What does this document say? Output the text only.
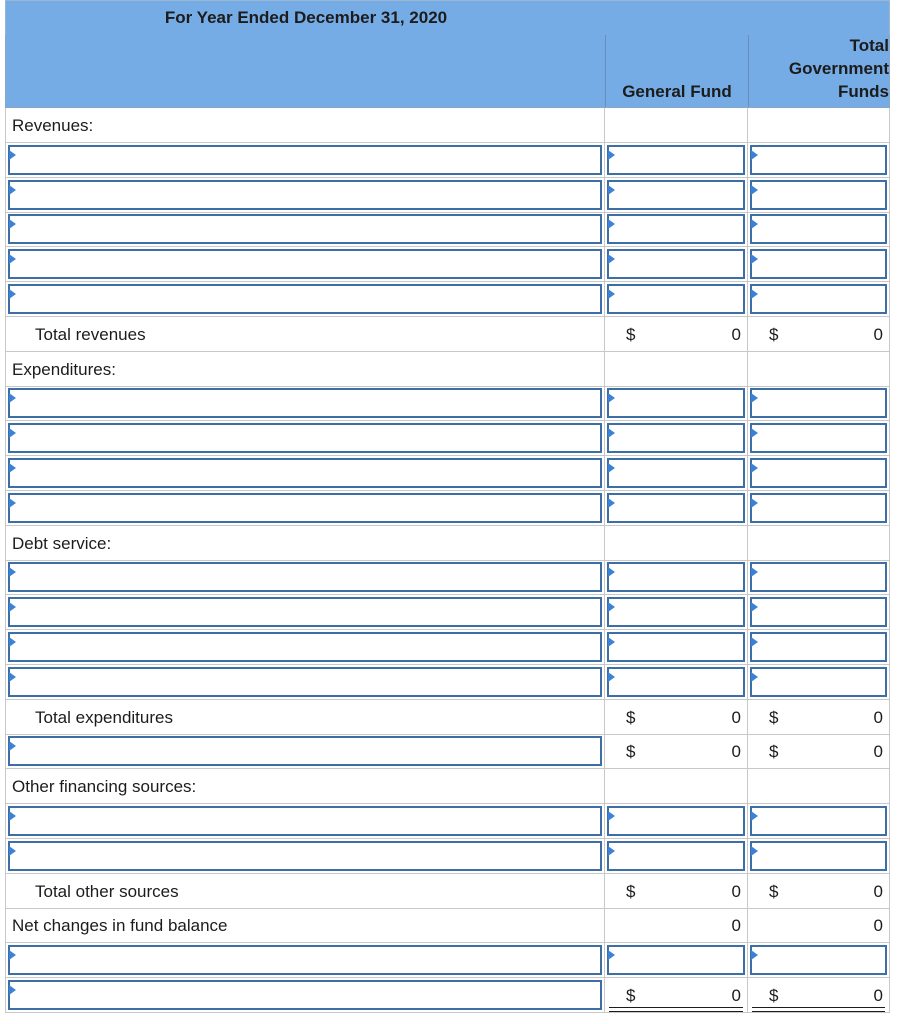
For Year Ended December 31, 2020
General Fund
Total
Government
Funds
Revenues:
Total revenues	$	0 $	0
Expenditures:
Debt service:
Total expenditures	$	0 $	0
$	0 $	0
Other financing sources:
Total other sources	$	0 $	0
Net changes in fund balance	0	0
$	0 $	0
